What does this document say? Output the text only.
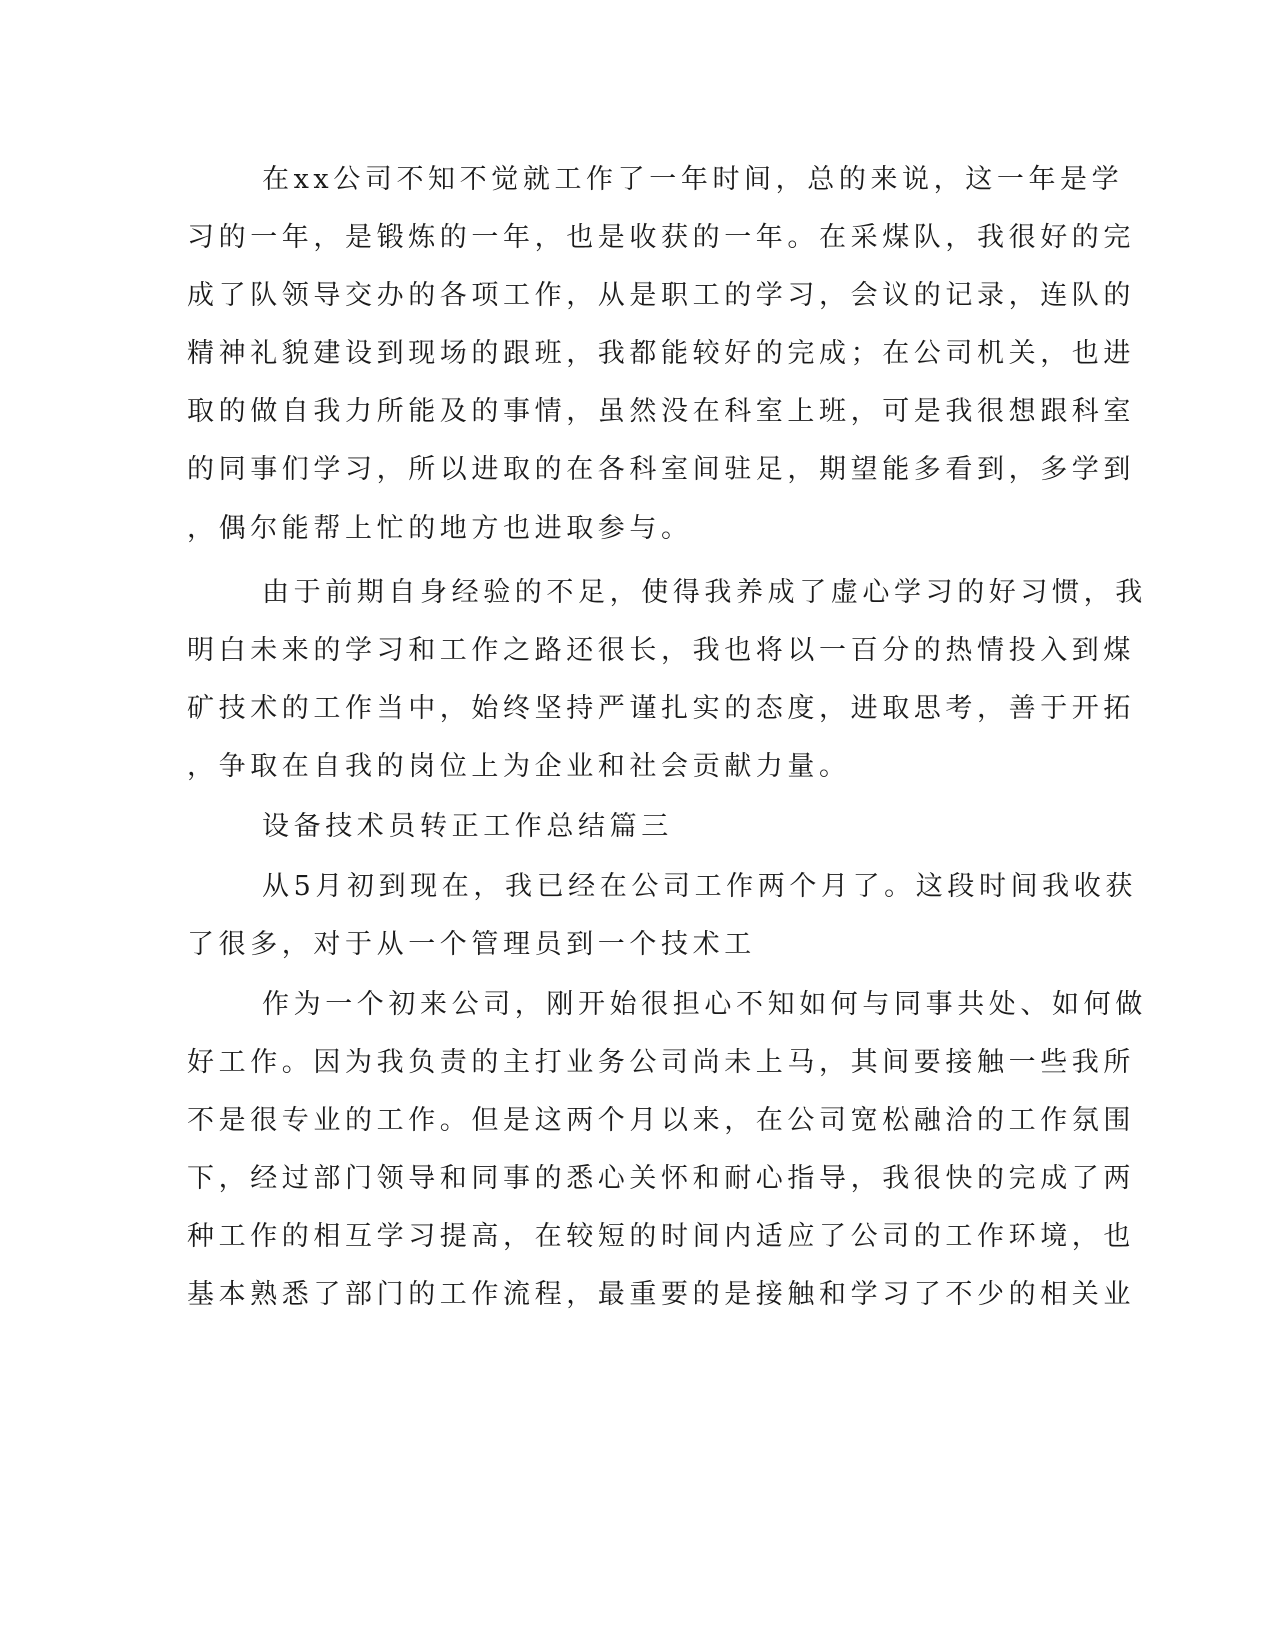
在xx公司不知不觉就工作了一年时间，总的来说，这一年是学
习的一年，是锻炼的一年，也是收获的一年。在采煤队，我很好的完
成了队领导交办的各项工作，从是职工的学习，会议的记录，连队的
精神礼貌建设到现场的跟班，我都能较好的完成；在公司机关，也进
取的做自我力所能及的事情，虽然没在科室上班，可是我很想跟科室
的同事们学习，所以进取的在各科室间驻足，期望能多看到，多学到
，偶尔能帮上忙的地方也进取参与。
由于前期自身经验的不足，使得我养成了虚心学习的好习惯，我
明白未来的学习和工作之路还很长，我也将以一百分的热情投入到煤
矿技术的工作当中，始终坚持严谨扎实的态度，进取思考，善于开拓
，争取在自我的岗位上为企业和社会贡献力量。
设备技术员转正工作总结篇三
从5月初到现在，我已经在公司工作两个月了。这段时间我收获
了很多，对于从一个管理员到一个技术工
作为一个初来公司，刚开始很担心不知如何与同事共处、如何做
好工作。因为我负责的主打业务公司尚未上马，其间要接触一些我所
不是很专业的工作。但是这两个月以来，在公司宽松融洽的工作氛围
下，经过部门领导和同事的悉心关怀和耐心指导，我很快的完成了两
种工作的相互学习提高，在较短的时间内适应了公司的工作环境，也
基本熟悉了部门的工作流程，最重要的是接触和学习了不少的相关业
